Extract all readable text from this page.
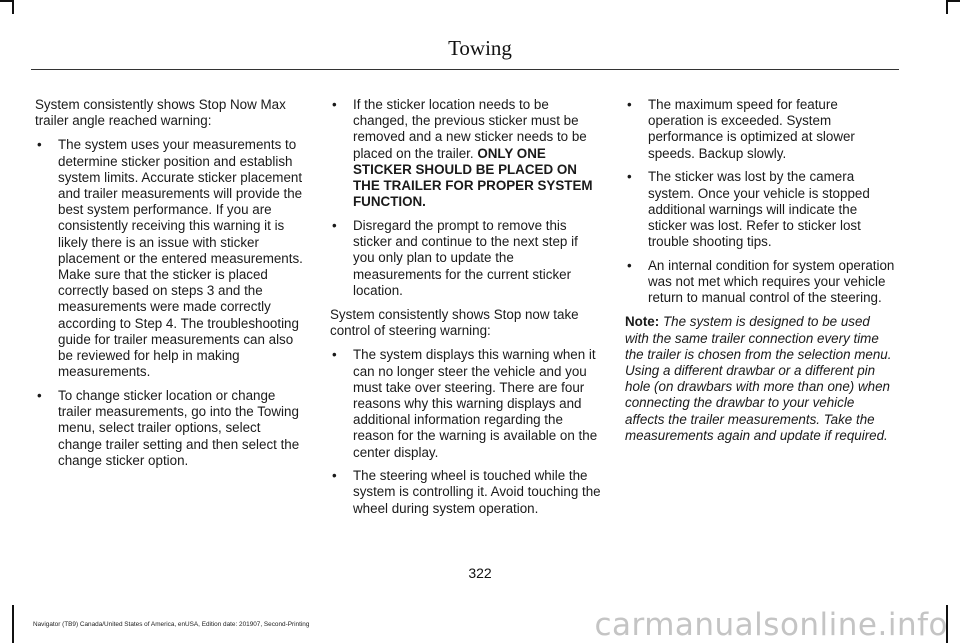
Towing

System consistently shows Stop Now Max trailer angle reached warning:

• The system uses your measurements to determine sticker position and establish system limits. Accurate sticker placement and trailer measurements will provide the best system performance. If you are consistently receiving this warning it is likely there is an issue with sticker placement or the entered measurements. Make sure that the sticker is placed correctly based on steps 3 and the measurements were made correctly according to Step 4. The troubleshooting guide for trailer measurements can also be reviewed for help in making measurements.
• To change sticker location or change trailer measurements, go into the Towing menu, select trailer options, select change trailer setting and then select the change sticker option.
• If the sticker location needs to be changed, the previous sticker must be removed and a new sticker needs to be placed on the trailer. ONLY ONE STICKER SHOULD BE PLACED ON THE TRAILER FOR PROPER SYSTEM FUNCTION.
• Disregard the prompt to remove this sticker and continue to the next step if you only plan to update the measurements for the current sticker location.

System consistently shows Stop now take control of steering warning:

• The system displays this warning when it can no longer steer the vehicle and you must take over steering. There are four reasons why this warning displays and additional information regarding the reason for the warning is available on the center display.
• The steering wheel is touched while the system is controlling it. Avoid touching the wheel during system operation.
• The maximum speed for feature operation is exceeded. System performance is optimized at slower speeds. Backup slowly.
• The sticker was lost by the camera system. Once your vehicle is stopped additional warnings will indicate the sticker was lost. Refer to sticker lost trouble shooting tips.
• An internal condition for system operation was not met which requires your vehicle return to manual control of the steering.

Note: The system is designed to be used with the same trailer connection every time the trailer is chosen from the selection menu. Using a different drawbar or a different pin hole (on drawbars with more than one) when connecting the drawbar to your vehicle affects the trailer measurements. Take the measurements again and update if required.

322
Navigator (TB9) Canada/United States of America, enUSA, Edition date: 201907, Second-Printing	carmanualsonline.info
